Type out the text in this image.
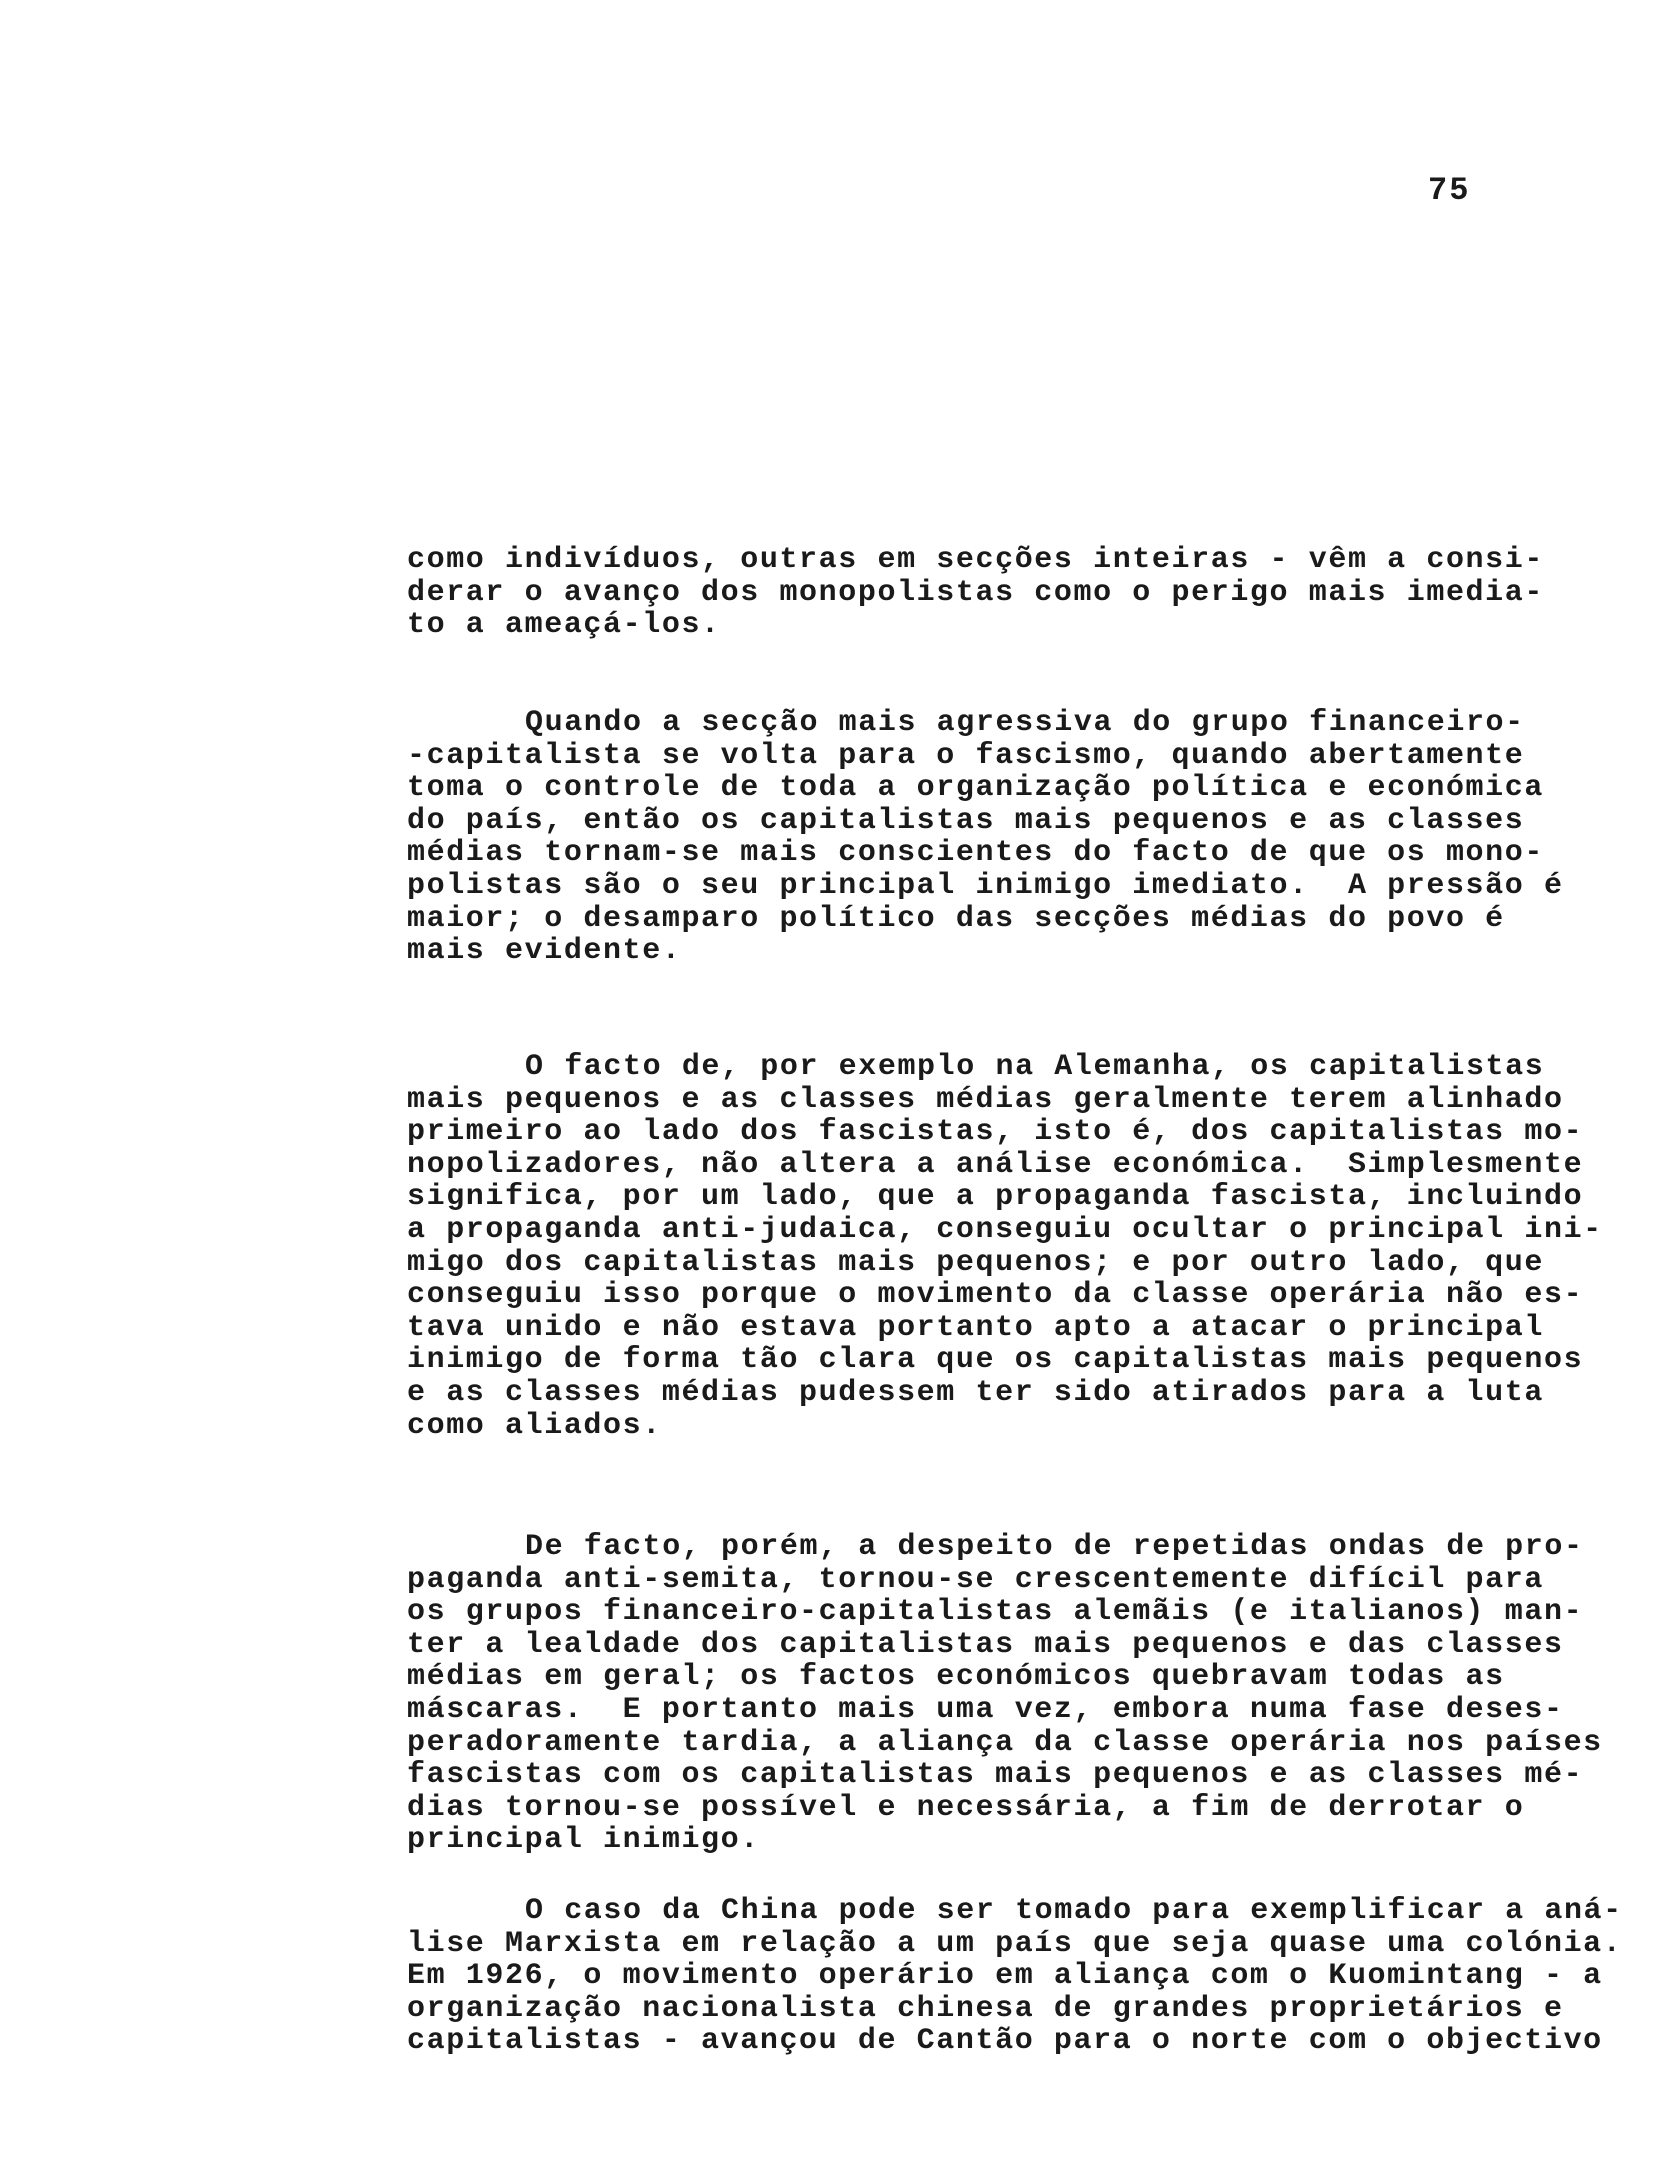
75
como indivíduos, outras em secções inteiras - vêm a consi-
derar o avanço dos monopolistas como o perigo mais imedia-
to a ameaçá-los.
Quando a secção mais agressiva do grupo financeiro-
-capitalista se volta para o fascismo, quando abertamente
toma o controle de toda a organização política e económica
do país, então os capitalistas mais pequenos e as classes
médias tornam-se mais conscientes do facto de que os mono-
polistas são o seu principal inimigo imediato.  A pressão é
maior; o desamparo político das secções médias do povo é
mais evidente.
O facto de, por exemplo na Alemanha, os capitalistas
mais pequenos e as classes médias geralmente terem alinhado
primeiro ao lado dos fascistas, isto é, dos capitalistas mo-
nopolizadores, não altera a análise económica.  Simplesmente
significa, por um lado, que a propaganda fascista, incluindo
a propaganda anti-judaica, conseguiu ocultar o principal ini-
migo dos capitalistas mais pequenos; e por outro lado, que
conseguiu isso porque o movimento da classe operária não es-
tava unido e não estava portanto apto a atacar o principal
inimigo de forma tão clara que os capitalistas mais pequenos
e as classes médias pudessem ter sido atirados para a luta
como aliados.
De facto, porém, a despeito de repetidas ondas de pro-
paganda anti-semita, tornou-se crescentemente difícil para
os grupos financeiro-capitalistas alemãis (e italianos) man-
ter a lealdade dos capitalistas mais pequenos e das classes
médias em geral; os factos económicos quebravam todas as
máscaras.  E portanto mais uma vez, embora numa fase deses-
peradoramente tardia, a aliança da classe operária nos países
fascistas com os capitalistas mais pequenos e as classes mé-
dias tornou-se possível e necessária, a fim de derrotar o
principal inimigo.
O caso da China pode ser tomado para exemplificar a aná-
lise Marxista em relação a um país que seja quase uma colónia.
Em 1926, o movimento operário em aliança com o Kuomintang - a
organização nacionalista chinesa de grandes proprietários e
capitalistas - avançou de Cantão para o norte com o objectivo
